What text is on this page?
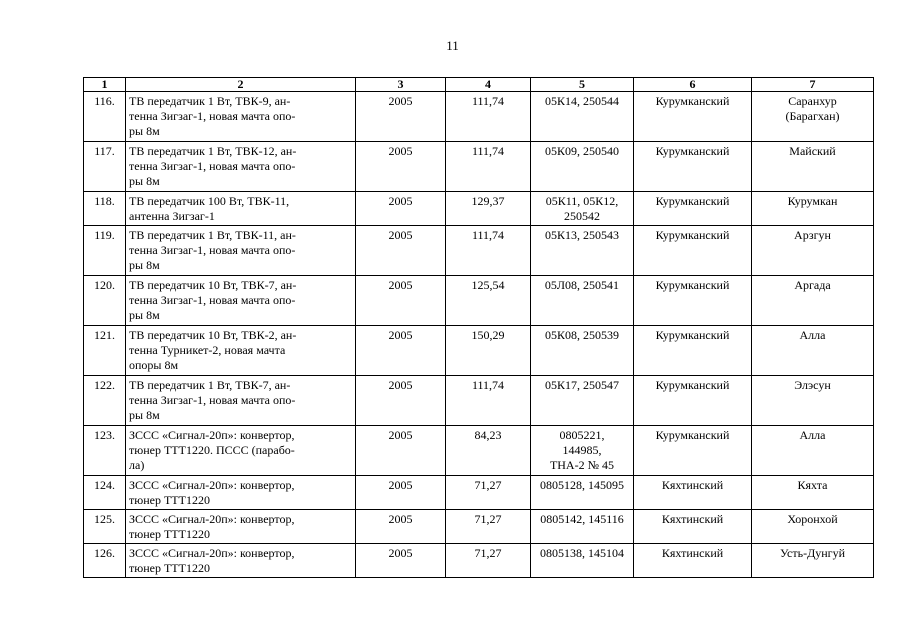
11
1	2	3	4	5	6	7
116.	ТВ передатчик 1 Вт, ТВК-9, ан-
тенна Зигзаг-1, новая мачта опо-
ры 8м	2005	111,74	05К14, 250544	Курумканский	Саранхур
(Барагхан)
117.	ТВ передатчик 1 Вт, ТВК-12, ан-
тенна Зигзаг-1, новая мачта опо-
ры 8м	2005	111,74	05К09, 250540	Курумканский	Майский
118.	ТВ передатчик 100 Вт, ТВК-11,
антенна Зигзаг-1	2005	129,37	05К11, 05К12,
250542	Курумканский	Курумкан
119.	ТВ передатчик 1 Вт, ТВК-11, ан-
тенна Зигзаг-1, новая мачта опо-
ры 8м	2005	111,74	05К13, 250543	Курумканский	Арзгун
120.	ТВ передатчик 10 Вт, ТВК-7, ан-
тенна Зигзаг-1, новая мачта опо-
ры 8м	2005	125,54	05Л08, 250541	Курумканский	Аргада
121.	ТВ передатчик 10 Вт, ТВК-2, ан-
тенна Турникет-2, новая мачта
опоры 8м	2005	150,29	05К08, 250539	Курумканский	Алла
122.	ТВ передатчик 1 Вт, ТВК-7, ан-
тенна Зигзаг-1, новая мачта опо-
ры 8м	2005	111,74	05К17, 250547	Курумканский	Элэсун
123.	ЗССС «Сигнал-20п»: конвертор,
тюнер ТТТ1220. ПССС (парабо-
ла)	2005	84,23	0805221,
144985,
ТНА-2 № 45	Курумканский	Алла
124.	ЗССС «Сигнал-20п»: конвертор,
тюнер ТТТ1220	2005	71,27	0805128, 145095	Кяхтинский	Кяхта
125.	ЗССС «Сигнал-20п»: конвертор,
тюнер ТТТ1220	2005	71,27	0805142, 145116	Кяхтинский	Хоронхой
126.	ЗССС «Сигнал-20п»: конвертор,
тюнер ТТТ1220	2005	71,27	0805138, 145104	Кяхтинский	Усть-Дунгуй
